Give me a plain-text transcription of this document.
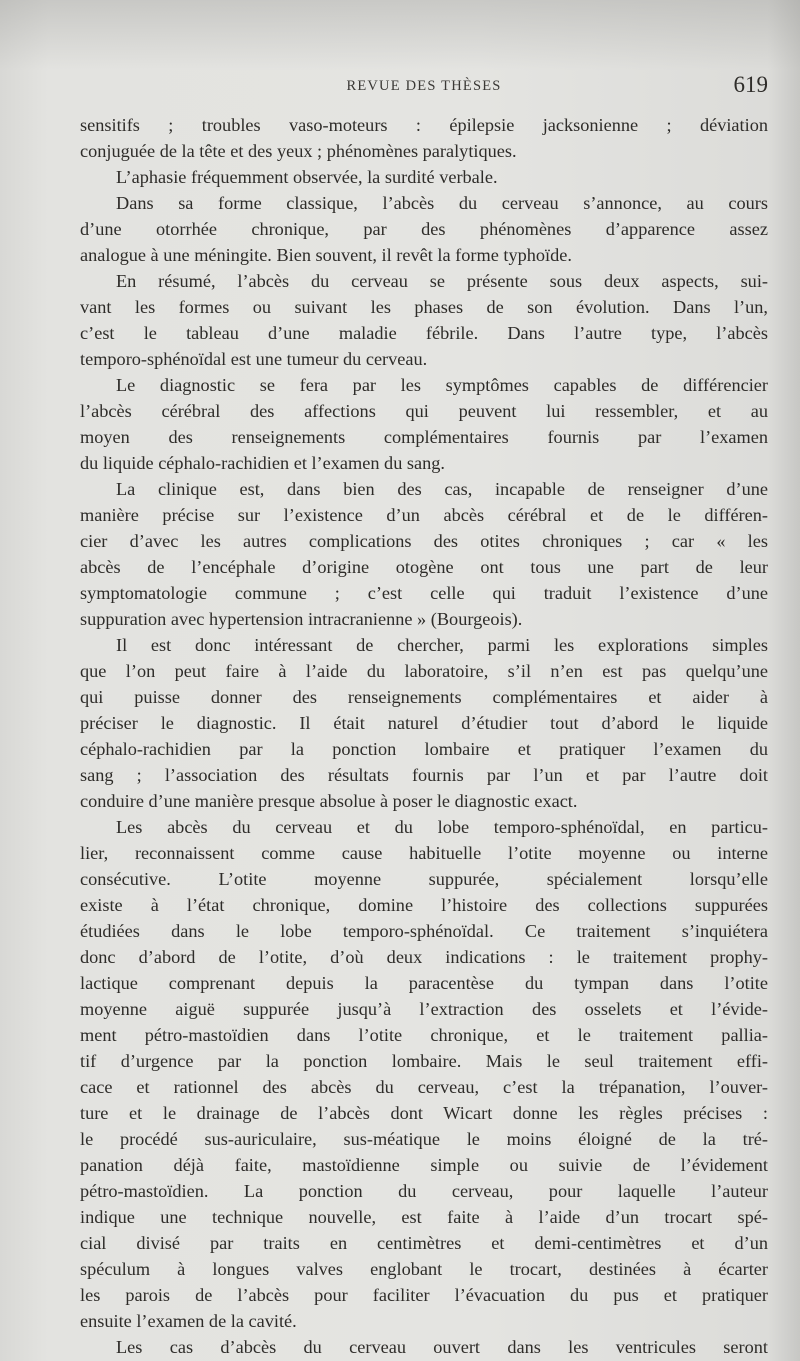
REVUE DES THÈSES	619
sensitifs ; troubles vaso-moteurs : épilepsie jacksonienne ; déviation
conjuguée de la tête et des yeux ; phénomènes paralytiques.
L’aphasie fréquemment observée, la surdité verbale.
Dans sa forme classique, l’abcès du cerveau s’annonce, au cours
d’une otorrhée chronique, par des phénomènes d’apparence assez
analogue à une méningite. Bien souvent, il revêt la forme typhoïde.
En résumé, l’abcès du cerveau se présente sous deux aspects, sui-
vant les formes ou suivant les phases de son évolution. Dans l’un,
c’est le tableau d’une maladie fébrile. Dans l’autre type, l’abcès
temporo-sphénoïdal est une tumeur du cerveau.
Le diagnostic se fera par les symptômes capables de différencier
l’abcès cérébral des affections qui peuvent lui ressembler, et au
moyen des renseignements complémentaires fournis par l’examen
du liquide céphalo-rachidien et l’examen du sang.
La clinique est, dans bien des cas, incapable de renseigner d’une
manière précise sur l’existence d’un abcès cérébral et de le différen-
cier d’avec les autres complications des otites chroniques ; car « les
abcès de l’encéphale d’origine otogène ont tous une part de leur
symptomatologie commune ; c’est celle qui traduit l’existence d’une
suppuration avec hypertension intracranienne » (Bourgeois).
Il est donc intéressant de chercher, parmi les explorations simples
que l’on peut faire à l’aide du laboratoire, s’il n’en est pas quelqu’une
qui puisse donner des renseignements complémentaires et aider à
préciser le diagnostic. Il était naturel d’étudier tout d’abord le liquide
céphalo-rachidien par la ponction lombaire et pratiquer l’examen du
sang ; l’association des résultats fournis par l’un et par l’autre doit
conduire d’une manière presque absolue à poser le diagnostic exact.
Les abcès du cerveau et du lobe temporo-sphénoïdal, en particu-
lier, reconnaissent comme cause habituelle l’otite moyenne ou interne
consécutive. L’otite moyenne suppurée, spécialement lorsqu’elle
existe à l’état chronique, domine l’histoire des collections suppurées
étudiées dans le lobe temporo-sphénoïdal. Ce traitement s’inquiétera
donc d’abord de l’otite, d’où deux indications : le traitement prophy-
lactique comprenant depuis la paracentèse du tympan dans l’otite
moyenne aiguë suppurée jusqu’à l’extraction des osselets et l’évide-
ment pétro-mastoïdien dans l’otite chronique, et le traitement pallia-
tif d’urgence par la ponction lombaire. Mais le seul traitement effi-
cace et rationnel des abcès du cerveau, c’est la trépanation, l’ouver-
ture et le drainage de l’abcès dont Wicart donne les règles précises :
le procédé sus-auriculaire, sus-méatique le moins éloigné de la tré-
panation déjà faite, mastoïdienne simple ou suivie de l’évidement
pétro-mastoïdien. La ponction du cerveau, pour laquelle l’auteur
indique une technique nouvelle, est faite à l’aide d’un trocart spé-
cial divisé par traits en centimètres et demi-centimètres et d’un
spéculum à longues valves englobant le trocart, destinées à écarter
les parois de l’abcès pour faciliter l’évacuation du pus et pratiquer
ensuite l’examen de la cavité.
Les cas d’abcès du cerveau ouvert dans les ventricules seront
